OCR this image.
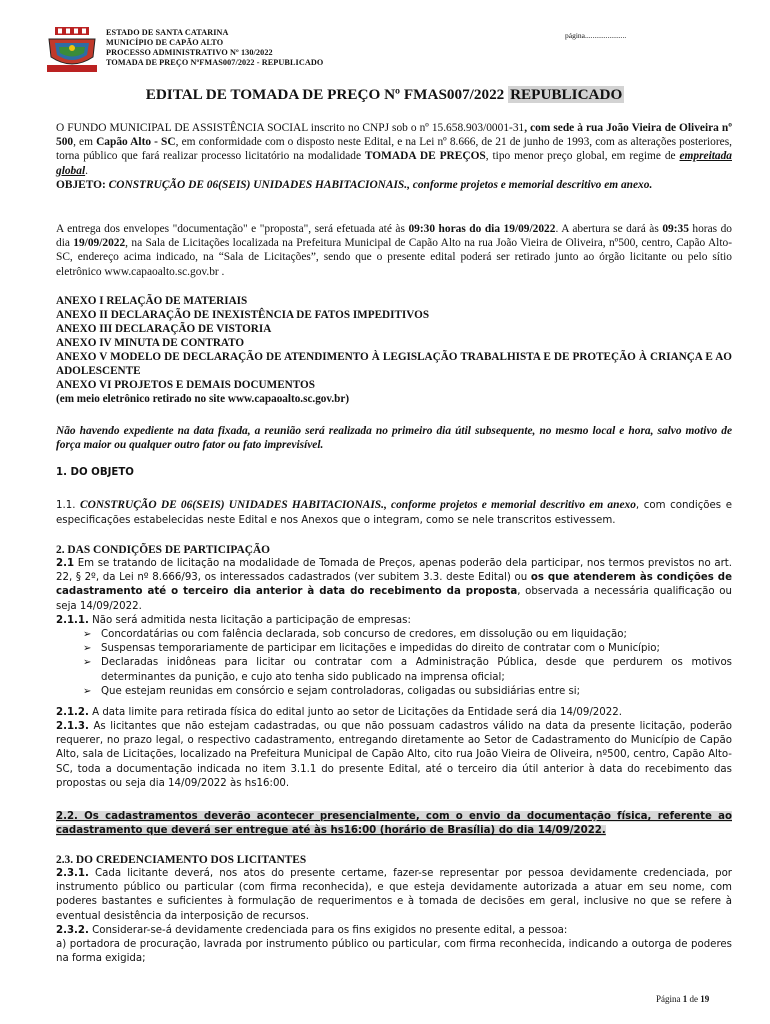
ESTADO DE SANTA CATARINA
MUNICÍPIO DE CAPÃO ALTO
PROCESSO ADMINISTRATIVO Nº 130/2022
TOMADA DE PREÇO NºFMAS007/2022 - REPUBLICADO
página......................
EDITAL DE TOMADA DE PREÇO Nº FMAS007/2022 REPUBLICADO
O FUNDO MUNICIPAL DE ASSISTÊNCIA SOCIAL inscrito no CNPJ sob o nº 15.658.903/0001-31, com sede à rua João Vieira de Oliveira nº 500, em Capão Alto - SC, em conformidade com o disposto neste Edital, e na Lei nº 8.666, de 21 de junho de 1993, com as alterações posteriores, torna público que fará realizar processo licitatório na modalidade TOMADA DE PREÇOS, tipo menor preço global, em regime de empreitada global.
OBJETO: CONSTRUÇÃO DE 06(SEIS) UNIDADES HABITACIONAIS., conforme projetos e memorial descritivo em anexo.
A entrega dos envelopes "documentação" e "proposta", será efetuada até às 09:30 horas do dia 19/09/2022. A abertura se dará às 09:35 horas do dia 19/09/2022, na Sala de Licitações localizada na Prefeitura Municipal de Capão Alto na rua João Vieira de Oliveira, nº500, centro, Capão Alto-SC, endereço acima indicado, na “Sala de Licitações”, sendo que o presente edital poderá ser retirado junto ao órgão licitante ou pelo sítio eletrônico www.capaoalto.sc.gov.br .
ANEXO I RELAÇÃO DE MATERIAIS
ANEXO II DECLARAÇÃO DE INEXISTÊNCIA DE FATOS IMPEDITIVOS
ANEXO III DECLARAÇÃO DE VISTORIA
ANEXO IV MINUTA DE CONTRATO
ANEXO V MODELO DE DECLARAÇÃO DE ATENDIMENTO À LEGISLAÇÃO TRABALHISTA E DE PROTEÇÃO À CRIANÇA E AO ADOLESCENTE
ANEXO VI PROJETOS E DEMAIS DOCUMENTOS
(em meio eletrônico retirado no site www.capaoalto.sc.gov.br)
Não havendo expediente na data fixada, a reunião será realizada no primeiro dia útil subsequente, no mesmo local e hora, salvo motivo de força maior ou qualquer outro fator ou fato imprevisível.
1. DO OBJETO
1.1. CONSTRUÇÃO DE 06(SEIS) UNIDADES HABITACIONAIS., conforme projetos e memorial descritivo em anexo, com condições e especificações estabelecidas neste Edital e nos Anexos que o integram, como se nele transcritos estivessem.
2. DAS CONDIÇÕES DE PARTICIPAÇÃO
2.1 Em se tratando de licitação na modalidade de Tomada de Preços, apenas poderão dela participar, nos termos previstos no art. 22, § 2º, da Lei nº 8.666/93, os interessados cadastrados (ver subitem 3.3. deste Edital) ou os que atenderem às condições de cadastramento até o terceiro dia anterior à data do recebimento da proposta, observada a necessária qualificação ou seja 14/09/2022.
2.1.1. Não será admitida nesta licitação a participação de empresas:
➢ Concordatárias ou com falência declarada, sob concurso de credores, em dissolução ou em liquidação;
➢ Suspensas temporariamente de participar em licitações e impedidas do direito de contratar com o Município;
➢ Declaradas inidôneas para licitar ou contratar com a Administração Pública, desde que perdurem os motivos determinantes da punição, e cujo ato tenha sido publicado na imprensa oficial;
➢ Que estejam reunidas em consórcio e sejam controladoras, coligadas ou subsidiárias entre si;
2.1.2. A data limite para retirada física do edital junto ao setor de Licitações da Entidade será dia 14/09/2022.
2.1.3. As licitantes que não estejam cadastradas, ou que não possuam cadastros válido na data da presente licitação, poderão requerer, no prazo legal, o respectivo cadastramento, entregando diretamente ao Setor de Cadastramento do Município de Capão Alto, sala de Licitações, localizado na Prefeitura Municipal de Capão Alto, cito rua João Vieira de Oliveira, nº500, centro, Capão Alto-SC, toda a documentação indicada no item 3.1.1 do presente Edital, até o terceiro dia útil anterior à data do recebimento das propostas ou seja dia 14/09/2022 às hs16:00.
2.2. Os cadastramentos deverão acontecer presencialmente, com o envio da documentação física, referente ao cadastramento que deverá ser entregue até às hs16:00 (horário de Brasília) do dia 14/09/2022.
2.3. DO CREDENCIAMENTO DOS LICITANTES
2.3.1. Cada licitante deverá, nos atos do presente certame, fazer-se representar por pessoa devidamente credenciada, por instrumento público ou particular (com firma reconhecida), e que esteja devidamente autorizada a atuar em seu nome, com poderes bastantes e suficientes à formulação de requerimentos e à tomada de decisões em geral, inclusive no que se refere à eventual desistência da interposição de recursos.
2.3.2. Considerar-se-á devidamente credenciada para os fins exigidos no presente edital, a pessoa:
a) portadora de procuração, lavrada por instrumento público ou particular, com firma reconhecida, indicando a outorga de poderes na forma exigida;
Página 1 de 19
